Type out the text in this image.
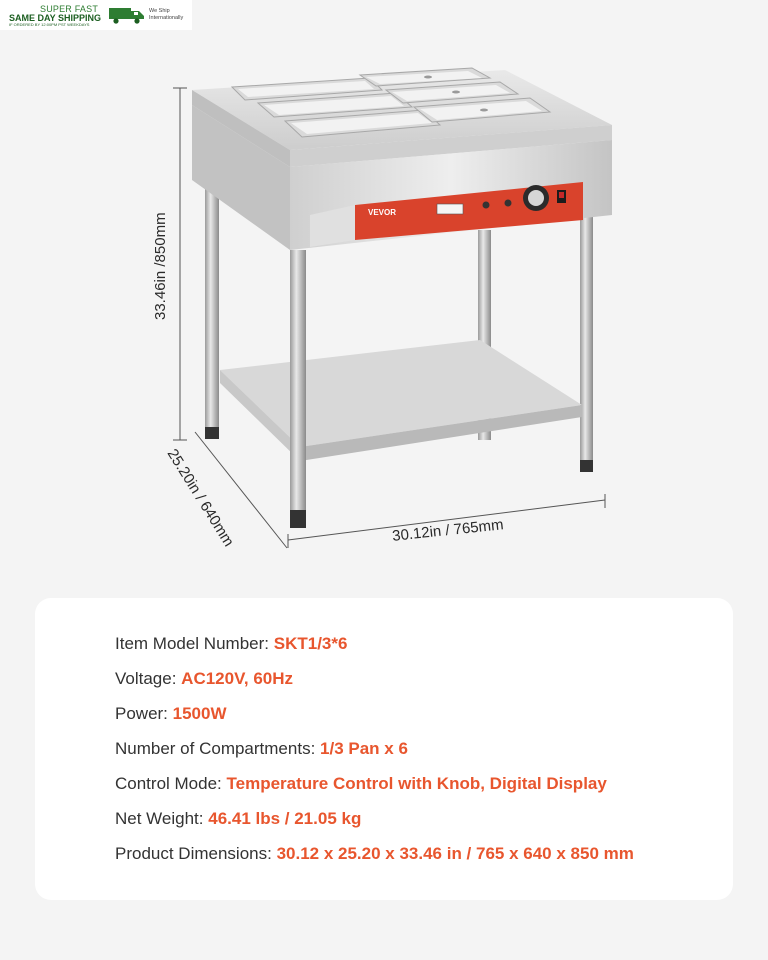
SUPER FAST
SAME DAY SHIPPING
IF ORDERED BY 12:00PM PST WEEKDAYS
We Ship Internationally
33.46in /850mm
30.12in / 765mm
25.20in / 640mm
VEVOR
Item Model Number: SKT1/3*6
Voltage: AC120V, 60Hz
Power: 1500W
Number of Compartments: 1/3 Pan x 6
Control Mode: Temperature Control with Knob, Digital Display
Net Weight: 46.41 lbs / 21.05 kg
Product Dimensions: 30.12 x 25.20 x 33.46 in / 765 x 640 x 850 mm
